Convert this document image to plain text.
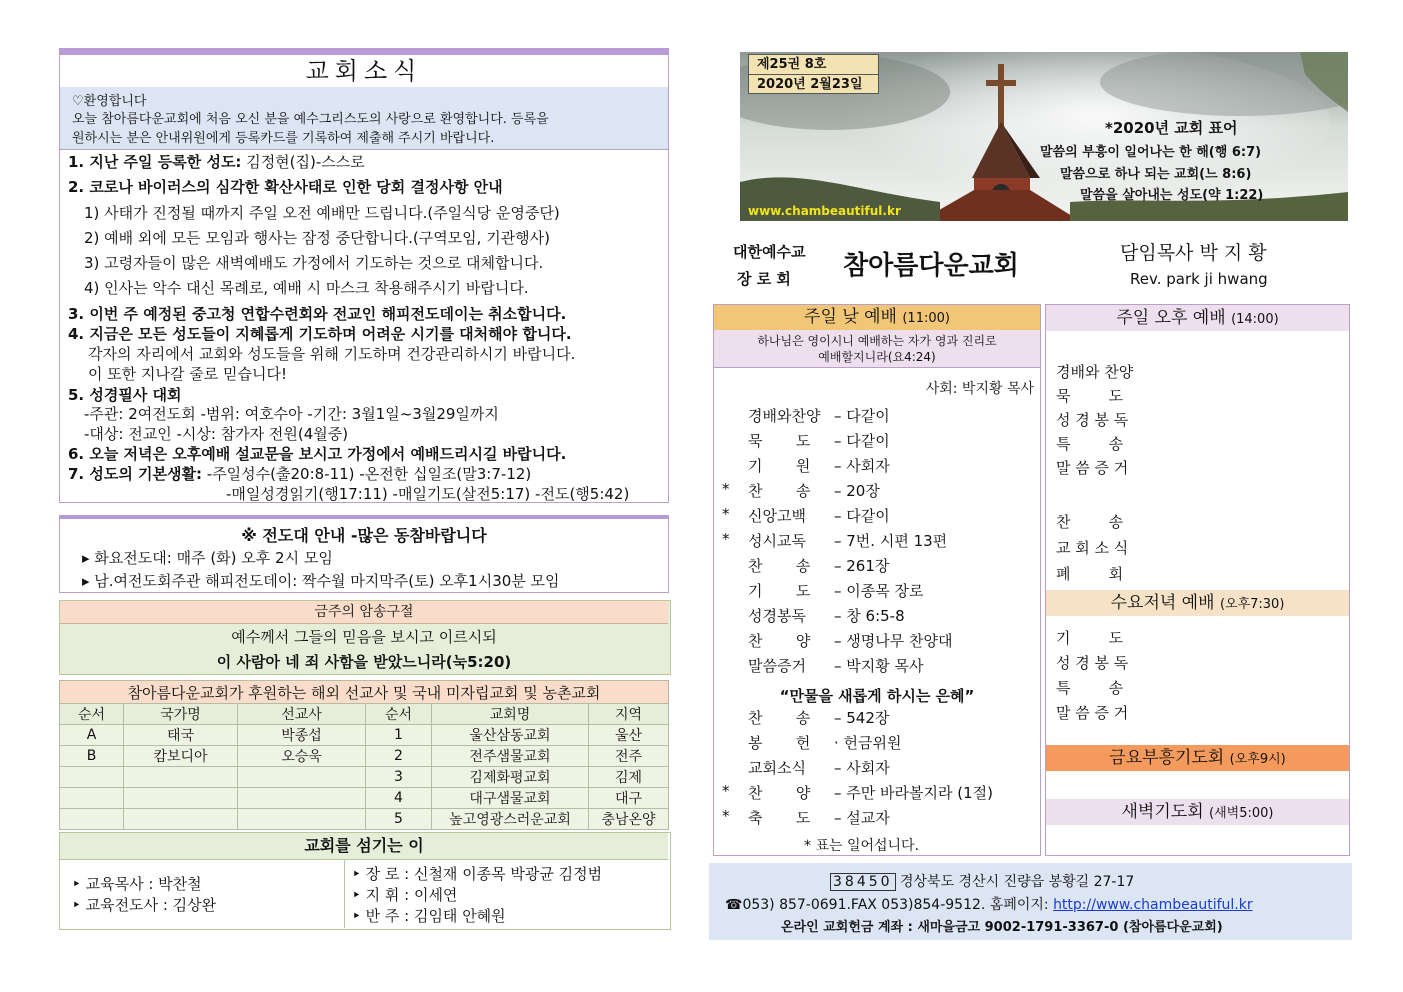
교회소식
♡환영합니다
오늘 참아름다운교회에 처음 오신 분을 예수그리스도의 사랑으로 환영합니다. 등록을
원하시는 분은 안내위원에게 등록카드를 기록하여 제출해 주시기 바랍니다.
1. 지난 주일 등록한 성도: 김정현(집)-스스로
2. 코로나 바이러스의 심각한 확산사태로 인한 당회 결정사항 안내
1) 사태가 진정될 때까지 주일 오전 예배만 드립니다.(주일식당 운영중단)
2) 예배 외에 모든 모임과 행사는 잠정 중단합니다.(구역모임, 기관행사)
3) 고령자들이 많은 새벽예배도 가정에서 기도하는 것으로 대체합니다.
4) 인사는 악수 대신 목례로, 예배 시 마스크 착용해주시기 바랍니다.
3. 이번 주 예정된 중고청 연합수련회와 전교인 해피전도데이는 취소합니다.
4. 지금은 모든 성도들이 지혜롭게 기도하며 어려운 시기를 대처해야 합니다.
각자의 자리에서 교회와 성도들을 위해 기도하며 건강관리하시기 바랍니다.
이 또한 지나갈 줄로 믿습니다!
5. 성경필사 대회
-주관: 2여전도회 -범위: 여호수아 -기간: 3월1일~3월29일까지
-대상: 전교인 -시상: 참가자 전원(4월중)
6. 오늘 저녁은 오후예배 설교문을 보시고 가정에서 예배드리시길 바랍니다.
7. 성도의 기본생활: -주일성수(출20:8-11) -온전한 십일조(말3:7-12)
-매일성경읽기(행17:11) -매일기도(살전5:17) -전도(행5:42)
※ 전도대 안내 -많은 동참바랍니다
▸ 화요전도대: 매주 (화) 오후 2시 모임
▸ 남.여전도회주관 해피전도데이: 짝수월 마지막주(토) 오후1시30분 모임
금주의 암송구절
예수께서 그들의 믿음을 보시고 이르시되
이 사람아 네 죄 사함을 받았느니라(눅5:20)
참아름다운교회가 후원하는 해외 선교사 및 국내 미자립교회 및 농촌교회					
순서	국가명	선교사	순서	교회명	지역
A	태국	박종섭	1	울산삼동교회	울산
B	캄보디아	오승욱	2	전주샘물교회	전주
			3	김제화평교회	김제
			4	대구샘물교회	대구
			5	높고영광스러운교회	충남온양
교회를 섬기는 이
‣ 교육목사 : 박찬철
‣ 교육전도사 : 김상완
‣ 장 로 : 신철재 이종목 박광균 김정범
‣ 지 휘 : 이세연
‣ 반 주 : 김임태 안혜원
*2020년 교회 표어
말씀의 부흥이 일어나는 한 해(행 6:7)
말씀으로 하나 되는 교회(느 8:6)
말씀을 살아내는 성도(약 1:22)
www.chambeautiful.kr
제25권 8호
2020년 2월23일
대한예수교
장 로 회 참아름다운교회	담임목사 박 지 황
Rev. park ji hwang
주일 낮 예배 (11:00)
하나님은 영이시니 예배하는 자가 영과 진리로
예배할지니라(요4:24)
사회: 박지황 목사
경배와찬양 – 다같이
묵       도 – 다같이
기       원 – 사회자
*	찬       송 – 20장
*	신앙고백 – 다같이
*	성시교독 – 7번. 시편 13편
찬       송 – 261장
기       도 – 이종목 장로
성경봉독 – 창 6:5-8
찬       양 – 생명나무 찬양대
말씀증거 – 박지황 목사
“만물을 새롭게 하시는 은혜”
찬       송 – 542장
봉       헌 · 헌금위원
교회소식 – 사회자
*	찬       양 – 주만 바라볼지라 (1절)
*	축       도 – 설교자
* 표는 일어섭니다.
주일 오후 예배 (14:00)
경배와 찬양
묵        도
성 경 봉 독
특        송
말 씀 증 거
찬        송
교 회 소 식
폐        회
수요저녁 예배 (오후7:30)
기        도
성 경 봉 독
특        송
말 씀 증 거
금요부흥기도회 (오후9시)
새벽기도회 (새벽5:00)
38450 경상북도 경산시 진량읍 봉황길 27-17
☎053) 857-0691.FAX 053)854-9512. 홈페이지: http://www.chambeautiful.kr
온라인 교회헌금 계좌 : 새마을금고 9002-1791-3367-0 (참아름다운교회)
